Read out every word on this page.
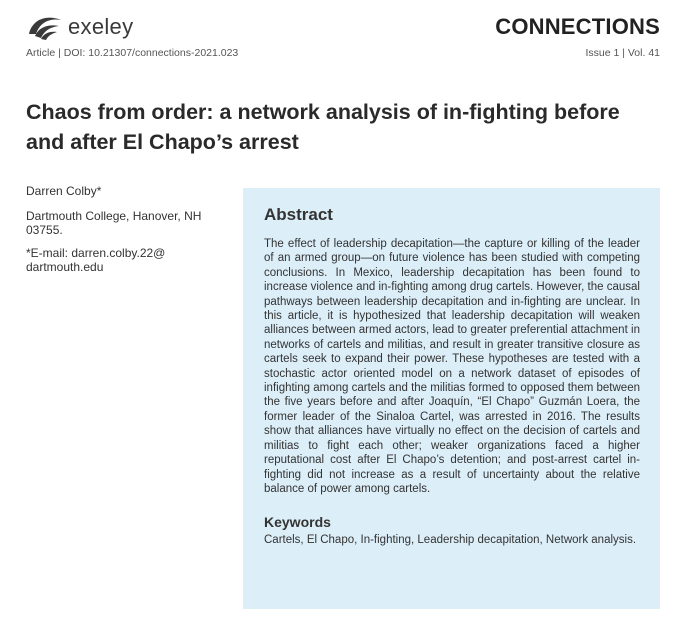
exeley	CONNECTIONS
Article | DOI: 10.21307/connections-2021.023	Issue 1 | Vol. 41
Chaos from order: a network analysis of in-fighting before and after El Chapo’s arrest

Darren Colby*

Dartmouth College, Hanover, NH 03755.

*E-mail: darren.colby.22@
dartmouth.edu

Abstract

The effect of leadership decapitation—the capture or killing of the leader of an armed group—on future violence has been studied with competing conclusions. In Mexico, leadership decapitation has been found to increase violence and in-fighting among drug cartels. However, the causal pathways between leadership decapitation and in-fighting are unclear. In this article, it is hypothesized that leadership decapitation will weaken alliances between armed actors, lead to greater preferential attachment in networks of cartels and militias, and result in greater transitive closure as cartels seek to expand their power. These hypotheses are tested with a stochastic actor oriented model on a network dataset of episodes of infighting among cartels and the militias formed to opposed them between the five years before and after Joaquín, “El Chapo” Guzmán Loera, the former leader of the Sinaloa Cartel, was arrested in 2016. The results show that alliances have virtually no effect on the decision of cartels and militias to fight each other; weaker organizations faced a higher reputational cost after El Chapo’s detention; and post-arrest cartel in-fighting did not increase as a result of uncertainty about the relative balance of power among cartels.

Keywords

Cartels, El Chapo, In-fighting, Leadership decapitation, Network analysis.
